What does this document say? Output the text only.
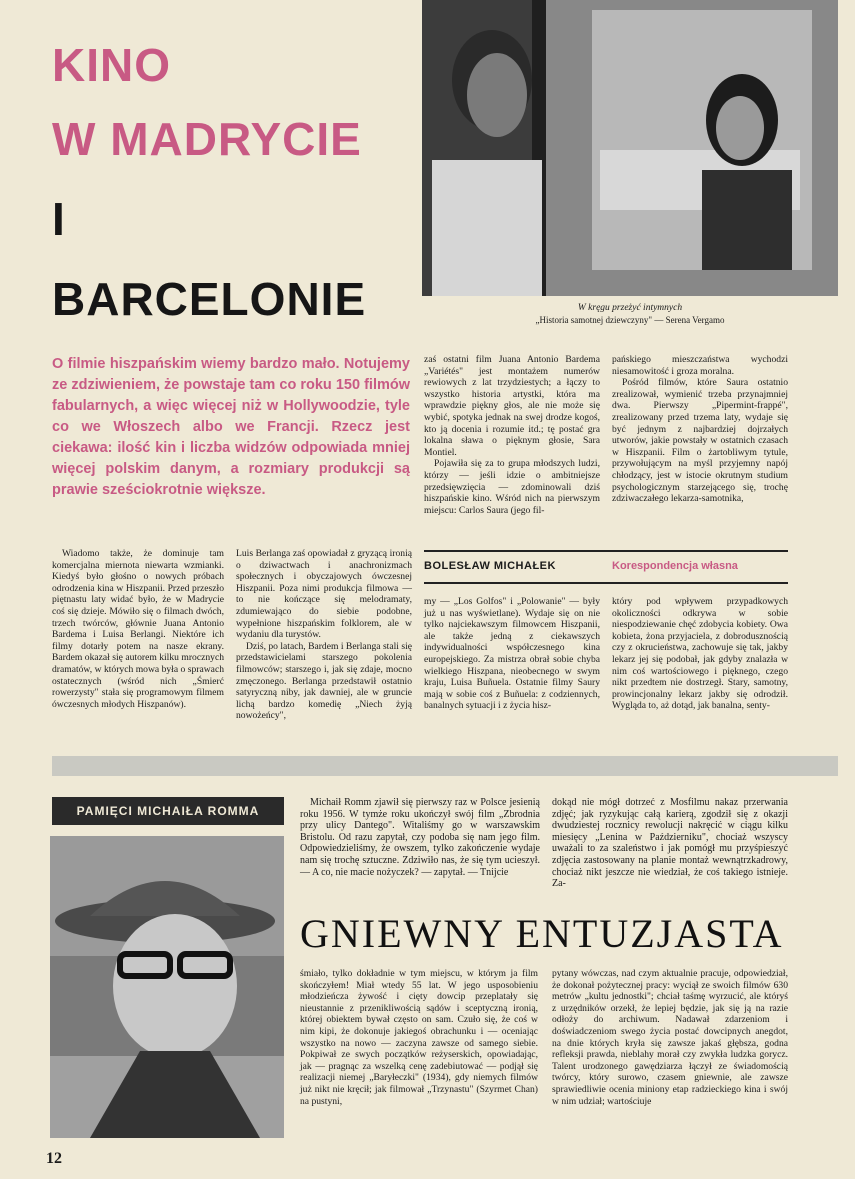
KINO
W MADRYCIE
I
BARCELONIE	W kręgu przeżyć intymnych
„Historia samotnej dziewczyny" — Serena Vergamo
O filmie hiszpańskim wiemy bardzo mało. Notujemy ze zdziwieniem, że powstaje tam co roku 150 filmów fabularnych, a więc więcej niż w Hollywoodzie, tyle co we Włoszech albo we Francji. Rzecz jest ciekawa: ilość kin i liczba widzów odpowiada mniej więcej polskim danym, a rozmiary produkcji są prawie sześciokrotnie większe.

zaś ostatni film Juana Antonio Bardema „Variétés" jest montażem numerów rewiowych z lat trzydziestych; a łączy to wszystko historia artystki, która ma wprawdzie piękny głos, ale nie może się wybić, spotyka jednak na swej drodze kogoś, kto ją docenia i rozumie itd.; tę postać gra lokalna sława o pięknym głosie, Sara Montiel.

Pojawiła się za to grupa młodszych ludzi, którzy — jeśli idzie o ambitniejsze przedsięwzięcia — zdominowali dziś hiszpańskie kino. Wśród nich na pierwszym miejscu: Carlos Saura (jego fil-

pańskiego mieszczaństwa wychodzi niesamowitość i groza moralna.

Pośród filmów, które Saura ostatnio zrealizował, wymienić trzeba przynajmniej dwa. Pierwszy „Pipermint-frappé", zrealizowany przed trzema laty, wydaje się być jednym z najbardziej dojrzałych utworów, jakie powstały w ostatnich czasach w Hiszpanii. Film o żartobliwym tytule, przywołującym na myśl przyjemny napój chłodzący, jest w istocie okrutnym studium psychologicznym starzejącego się, trochę zdziwaczałego lekarza-samotnika,

BOLESŁAW MICHAŁEK	Korespondencja własna

Wiadomo także, że dominuje tam komercjalna miernota niewarta wzmianki. Kiedyś było głośno o nowych próbach odrodzenia kina w Hiszpanii. Przed przeszło piętnastu laty widać było, że w Madrycie coś się dzieje. Mówiło się o filmach dwóch, trzech twórców, głównie Juana Antonio Bardema i Luisa Berlangi. Niektóre ich filmy dotarły potem na nasze ekrany. Bardem okazał się autorem kilku mrocznych dramatów, w których mowa była o sprawach ostatecznych (wśród nich „Śmierć rowerzysty" stała się programowym filmem ówczesnych młodych Hiszpanów).

Luis Berlanga zaś opowiadał z gryzącą ironią o dziwactwach i anachronizmach społecznych i obyczajowych ówczesnej Hiszpanii. Poza nimi produkcja filmowa — to nie kończące się melodramaty, zdumiewająco do siebie podobne, wypełnione hiszpańskim folklorem, ale w wydaniu dla turystów.

Dziś, po latach, Bardem i Berlanga stali się przedstawicielami starszego pokolenia filmowców; starszego i, jak się zdaje, mocno zmęczonego. Berlanga przedstawił ostatnio satyryczną niby, jak dawniej, ale w gruncie lichą bardzo komedię „Niech żyją nowożeńcy",

my — „Los Golfos" i „Polowanie" — były już u nas wyświetlane). Wydaje się on nie tylko najciekawszym filmowcem Hiszpanii, ale także jedną z ciekawszych indywidualności współczesnego kina europejskiego. Za mistrza obrał sobie chyba wielkiego Hiszpana, nieobecnego w swym kraju, Luisa Buñuela. Ostatnie filmy Saury mają w sobie coś z Buñuela: z codziennych, banalnych sytuacji i z życia hisz-

który pod wpływem przypadkowych okoliczności odkrywa w sobie niespodziewanie chęć zdobycia kobiety. Owa kobieta, żona przyjaciela, z dobrodusznością czy z okrucieństwa, zachowuje się tak, jakby lekarz jej się podobał, jak gdyby znalazła w nim coś wartościowego i pięknego, czego nikt przedtem nie dostrzegł. Stary, samotny, prowincjonalny lekarz jakby się odrodził. Wygląda to, aż dotąd, jak banalna, senty-

PAMIĘCI MICHAIŁA ROMMA

Michaił Romm zjawił się pierwszy raz w Polsce jesienią roku 1956. W tymże roku ukończył swój film „Zbrodnia przy ulicy Dantego". Witaliśmy go w warszawskim Bristolu. Od razu zapytał, czy podoba się nam jego film. Odpowiedzieliśmy, że owszem, tylko zakończenie wydaje nam się trochę sztuczne. Zdziwiło nas, że się tym ucieszył. — A co, nie macie nożyczek? — zapytał. — Tnijcie

dokąd nie mógł dotrzeć z Mosfilmu nakaz przerwania zdjęć; jak ryzykując całą karierą, zgodził się z okazji dwudziestej rocznicy rewolucji nakręcić w ciągu kilku miesięcy „Lenina w Październiku", chociaż wszyscy uważali to za szaleństwo i jak pomógł mu przyśpieszyć zdjęcia zastosowany na planie montaż wewnątrzkadrowy, chociaż nikt jeszcze nie wiedział, że coś takiego istnieje. Za-

GNIEWNY ENTUZJASTA

śmiało, tylko dokładnie w tym miejscu, w którym ja film skończyłem! Miał wtedy 55 lat. W jego usposobieniu młodzieńcza żywość i cięty dowcip przeplatały się nieustannie z przenikliwością sądów i sceptyczną ironią, której obiektem bywał często on sam. Czuło się, że coś w nim kipi, że dokonuje jakiegoś obrachunku i — oceniając wszystko na nowo — zaczyna zawsze od samego siebie. Pokpiwał ze swych początków reżyserskich, opowiadając, jak — pragnąc za wszelką cenę zadebiutować — podjął się realizacji niemej „Baryłeczki" (1934), gdy niemych filmów już nikt nie kręcił; jak filmował „Trzynastu" (Szyrmet Chan) na pustyni,

pytany wówczas, nad czym aktualnie pracuje, odpowiedział, że dokonał pożytecznej pracy: wyciął ze swoich filmów 630 metrów „kultu jednostki"; chciał taśmę wyrzucić, ale któryś z urzędników orzekł, że lepiej będzie, jak się ją na razie odłoży do archiwum. Nadawał zdarzeniom i doświadczeniom swego życia postać dowcipnych anegdot, na dnie których kryła się zawsze jakaś głębsza, godna refleksji prawda, nieblahy morał czy zwykła ludzka gorycz. Talent urodzonego gawędziarza łączył ze świadomością twórcy, który surowo, czasem gniewnie, ale zawsze sprawiedliwie ocenia miniony etap radzieckiego kina i swój w nim udział; wartościuje

12
